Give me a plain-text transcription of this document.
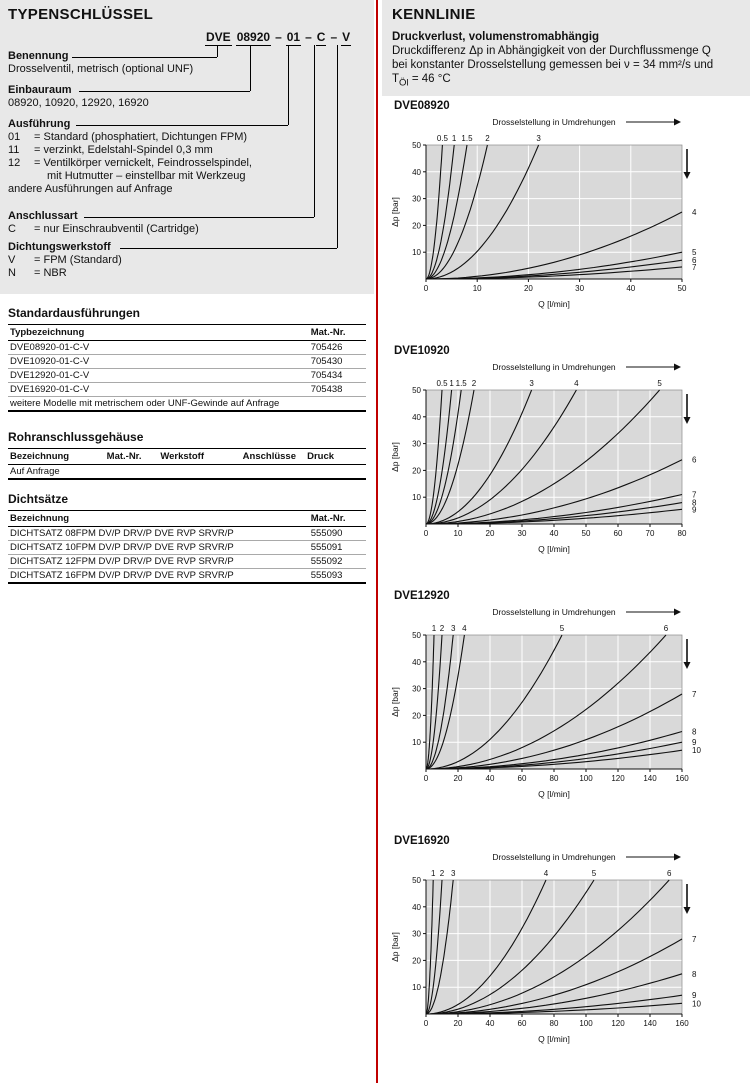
TYPENSCHLÜSSEL
DVE 08920 – 01 – C – V
Benennung
Drosselventil, metrisch (optional UNF)
Einbauraum
08920, 10920, 12920, 16920
Ausführung
01	= Standard (phosphatiert, Dichtungen FPM)
11	= verzinkt, Edelstahl-Spindel 0,3 mm
12	= Ventilkörper vernickelt, Feindrosselspindel,
mit Hutmutter – einstellbar mit Werkzeug
andere Ausführungen auf Anfrage
Anschlussart
C	= nur Einschraubventil (Cartridge)
Dichtungswerkstoff
V	= FPM (Standard)
N	= NBR
Standardausführungen
Typbezeichnung	Mat.-Nr.
DVE08920-01-C-V	705426
DVE10920-01-C-V	705430
DVE12920-01-C-V	705434
DVE16920-01-C-V	705438
weitere Modelle mit metrischem oder UNF-Gewinde auf Anfrage	
Rohranschlussgehäuse
Bezeichnung	Mat.-Nr.	Werkstoff	Anschlüsse	Druck
Auf Anfrage				
Dichtsätze
Bezeichnung	Mat.-Nr.
DICHTSATZ 08FPM DV/P DRV/P DVE RVP SRVR/P	555090
DICHTSATZ 10FPM DV/P DRV/P DVE RVP SRVR/P	555091
DICHTSATZ 12FPM DV/P DRV/P DVE RVP SRVR/P	555092
DICHTSATZ 16FPM DV/P DRV/P DVE RVP SRVR/P	555093
KENNLINIE
Druckverlust, volumenstromabhängig
Druckdifferenz Δp in Abhängigkeit von der Durchflussmenge Q
bei konstanter Drosselstellung gemessen bei ν = 34 mm²/s und
$T_{Öl} = 46$ °C
DVE08920
0	10	20	30	40	50
10
20
30
40
50
Drosselstellung in Umdrehungen
Q [l/min]
Δp [bar]
0.5 1 1.5 2	3
4
5
6
7
DVE10920
0	10	20	30	40	50	60	70	80
10
20
30
40
50
Drosselstellung in Umdrehungen
Q [l/min]
Δp [bar]
0.5 1 1.5 2	3	4	5
6
7
8
9
DVE12920
0	20	40	60	80	100 120 140 160
10
20
30
40
50
Drosselstellung in Umdrehungen
Q [l/min]
Δp [bar]
1 2 3 4	5	6
7
8
9
10
DVE16920
0	20	40	60	80	100 120 140 160
10
20
30
40
50
Drosselstellung in Umdrehungen
Q [l/min]
Δp [bar]
1 2 3	4	5	6
7
8
9
10
